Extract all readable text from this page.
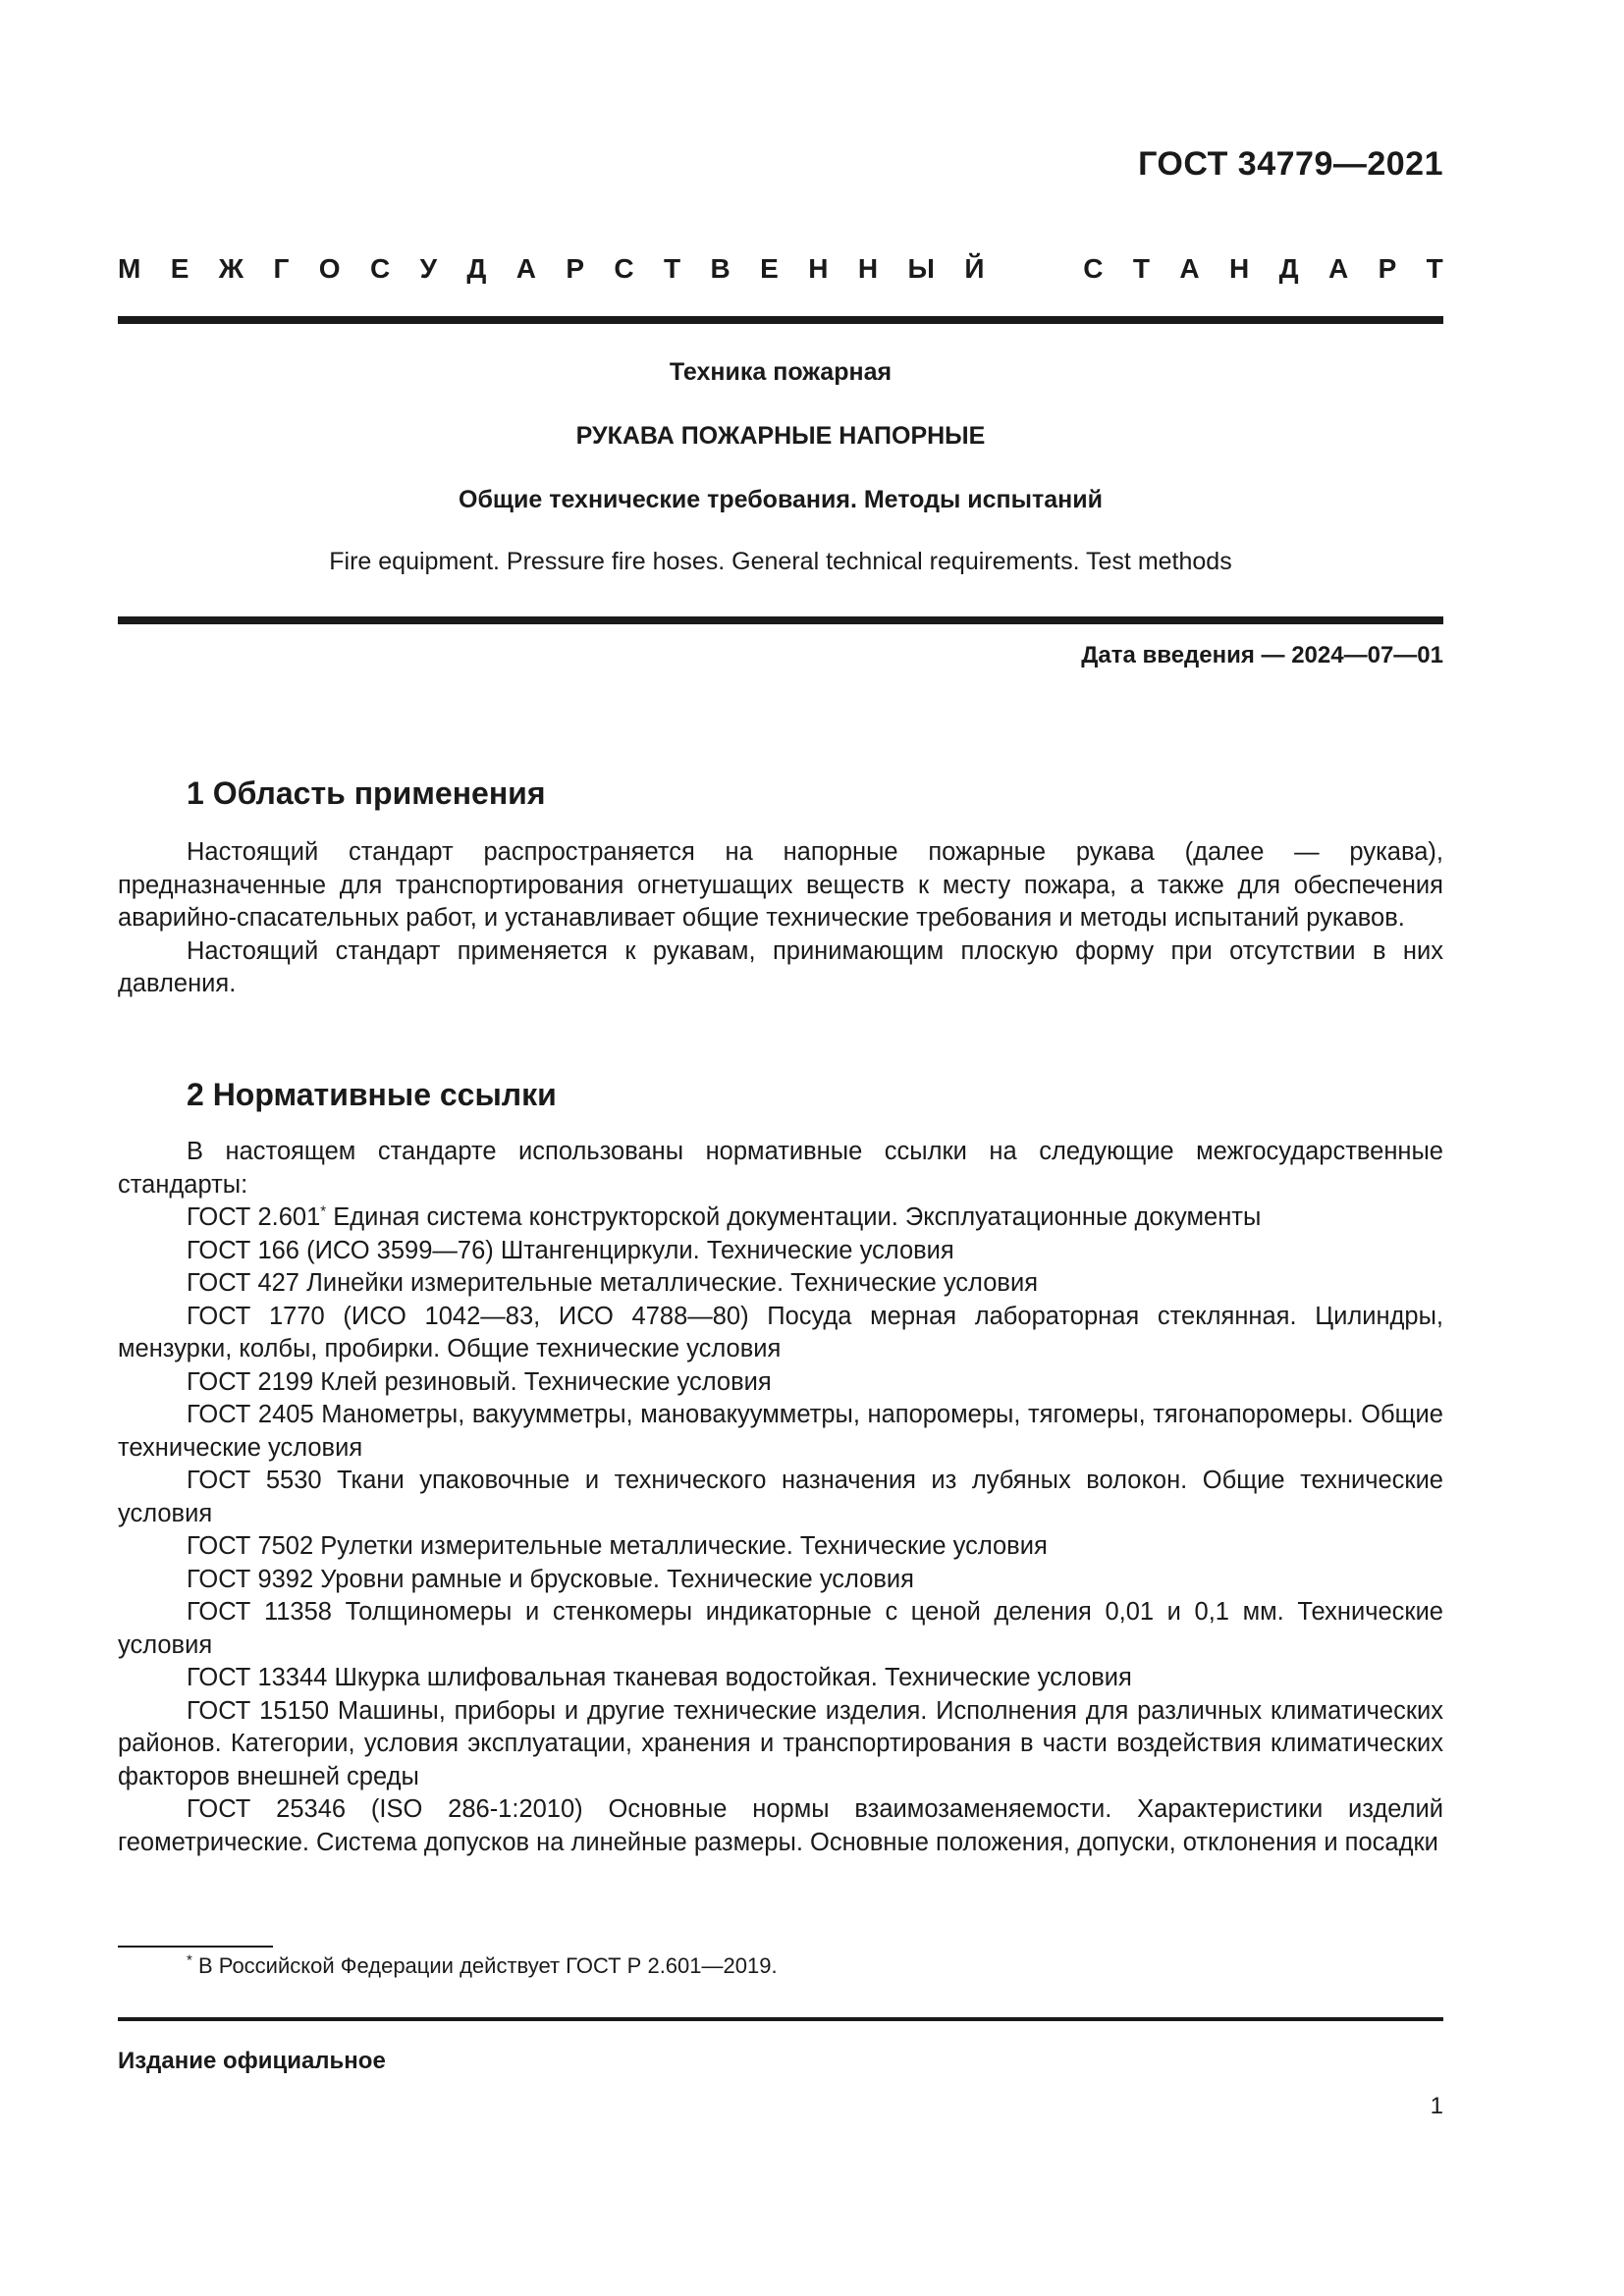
ГОСТ 34779—2021
М Е Ж Г О С У Д А Р С Т В Е Н Н Ы Й	С Т А Н Д А Р Т
Техника пожарная
РУКАВА ПОЖАРНЫЕ НАПОРНЫЕ
Общие технические требования. Методы испытаний
Fire equipment. Pressure fire hoses. General technical requirements. Test methods
Дата введения — 2024—07—01
1 Область применения

Настоящий стандарт распространяется на напорные пожарные рукава (далее — рукава), предназначенные для транспортирования огнетушащих веществ к месту пожара, а также для обеспечения аварийно-спасательных работ, и устанавливает общие технические требования и методы испытаний рукавов.

Настоящий стандарт применяется к рукавам, принимающим плоскую форму при отсутствии в них давления.

2 Нормативные ссылки

В настоящем стандарте использованы нормативные ссылки на следующие межгосударственные стандарты:

ГОСТ 2.601* Единая система конструкторской документации. Эксплуатационные документы

ГОСТ 166 (ИСО 3599—76) Штангенциркули. Технические условия

ГОСТ 427 Линейки измерительные металлические. Технические условия

ГОСТ 1770 (ИСО 1042—83, ИСО 4788—80) Посуда мерная лабораторная стеклянная. Цилиндры, мензурки, колбы, пробирки. Общие технические условия

ГОСТ 2199 Клей резиновый. Технические условия

ГОСТ 2405 Манометры, вакуумметры, мановакуумметры, напоромеры, тягомеры, тягонапоромеры. Общие технические условия

ГОСТ 5530 Ткани упаковочные и технического назначения из лубяных волокон. Общие технические условия

ГОСТ 7502 Рулетки измерительные металлические. Технические условия

ГОСТ 9392 Уровни рамные и брусковые. Технические условия

ГОСТ 11358 Толщиномеры и стенкомеры индикаторные с ценой деления 0,01 и 0,1 мм. Технические условия

ГОСТ 13344 Шкурка шлифовальная тканевая водостойкая. Технические условия

ГОСТ 15150 Машины, приборы и другие технические изделия. Исполнения для различных климатических районов. Категории, условия эксплуатации, хранения и транспортирования в части воздействия климатических факторов внешней среды

ГОСТ 25346 (ISO 286-1:2010) Основные нормы взаимозаменяемости. Характеристики изделий геометрические. Система допусков на линейные размеры. Основные положения, допуски, отклонения и посадки

* В Российской Федерации действует ГОСТ Р 2.601—2019.
Издание официальное
1
